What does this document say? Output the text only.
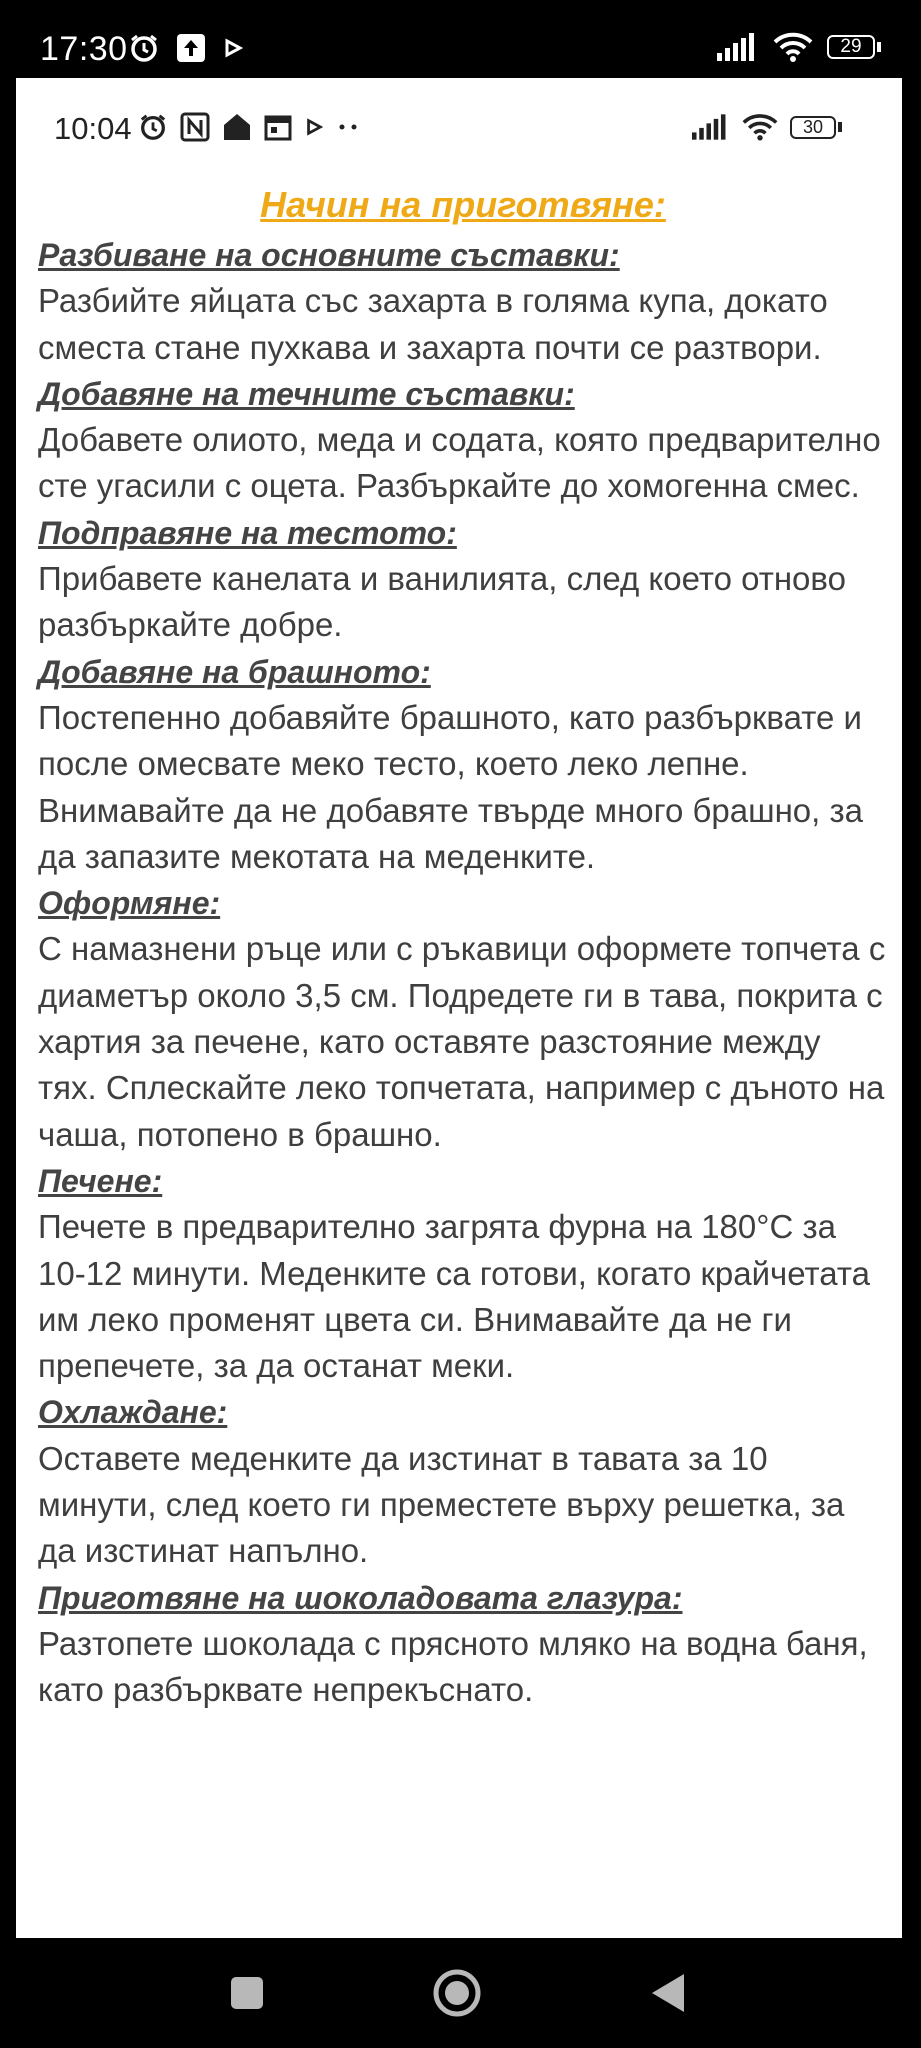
17:30	29
10:04	30
Начин на приготвяне:

Разбиване на основните съставки:

Разбийте яйцата със захарта в голяма купа, докато сместа стане пухкава и захарта почти се разтвори.

Добавяне на течните съставки:

Добавете олиото, меда и содата, която предварително сте угасили с оцета. Разбъркайте до хомогенна смес.

Подправяне на тестото:

Прибавете канелата и ванилията, след което отново разбъркайте добре.

Добавяне на брашното:

Постепенно добавяйте брашното, като разбърквате и после омесвате меко тесто, което леко лепне. Внимавайте да не добавяте твърде много брашно, за да запазите мекотата на меденките.

Оформяне:

С намазнени ръце или с ръкавици оформете топчета с диаметър около 3,5 см. Подредете ги в тава, покрита с хартия за печене, като оставяте разстояние между тях. Сплескайте леко топчетата, например с дъното на чаша, потопено в брашно.

Печене:

Печете в предварително загрята фурна на 180°C за 10-12 минути. Меденките са готови, когато крайчетата им леко променят цвета си. Внимавайте да не ги препечете, за да останат меки.

Охлаждане:

Оставете меденките да изстинат в тавата за 10 минути, след което ги преместете върху решетка, за да изстинат напълно.

Приготвяне на шоколадовата глазура:

Разтопете шоколада с прясното мляко на водна баня, като разбърквате непрекъснато.
